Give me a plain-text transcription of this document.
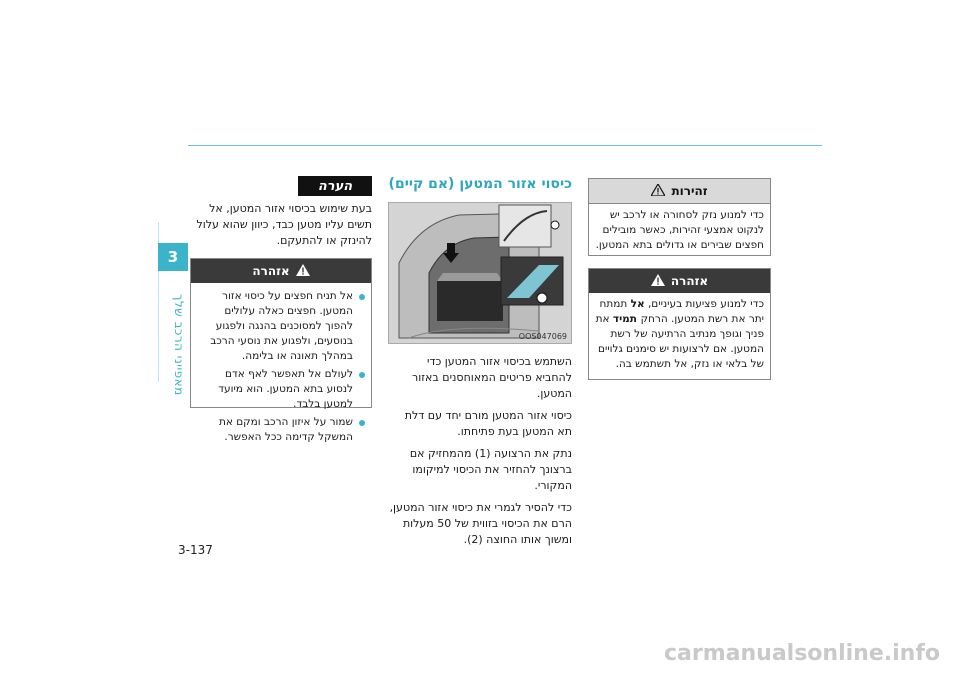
3
מאפייני הרכב שלך
הערה
בעת שימוש בכיסוי אזור המטען, אל תשים עליו מטען כבד, כיוון שהוא עלול להינזק או להתעקם.
אזהרה
אל תניח חפצים על כיסוי אזור המטען. חפצים כאלה עלולים להפוך למסוכנים בהנגה ולפגוע בנוסעים, ולפגוע את נוסעי הרכב במהלך תאונה או בלימה.
לעולם אל תאפשר לאף אדם לנסוע בתא המטען. הוא מיועד למטען בלבד.
שמור על איזון הרכב ומקם את המשקל קדימה ככל האפשר.
כיסוי אזור המטען (אם קיים)
OOS047069

השתמש בכיסוי אזור המטען כדי להחביא פריטים המאוחסנים באזור המטען.

כיסוי אזור המטען מורם יחד עם דלת תא המטען בעת פתיחתו.

נתק את הרצועה (1) מהמחזיק אם ברצונך להחזיר את הכיסוי למיקומו המקורי.

כדי להסיר לגמרי את כיסוי אזור המטען, הרם את הכיסוי בזווית של 50 מעלות ומשוך אותו החוצה (2).

זהירות
כדי למנוע נזק לסחורה או לרכב יש לנקוט אמצעי זהירות, כאשר מובילים חפצים שבירים או גדולים בתא המטען.
אזהרה
כדי למנוע פציעות בעיניים, אל תמתח יתר את רשת המטען. הרחק תמיד את פניך וגופך מנתיב הרתיעה של רשת המטען. אם לרצועות יש סימנים גלויים של בלאי או נזק, אל תשתמש בה.
3-137
carmanualsonline.info
